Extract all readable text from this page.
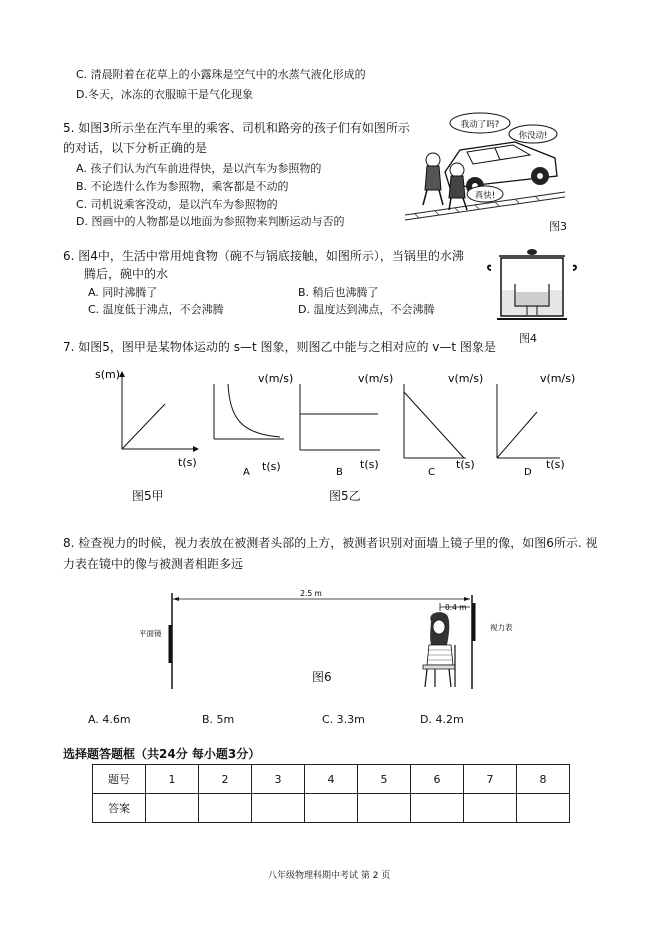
C. 清晨附着在花草上的小露珠是空气中的水蒸气液化形成的
D.冬天，冰冻的衣服晾干是气化现象
5. 如图3所示坐在汽车里的乘客、司机和路旁的孩子们有如图所示
的对话，以下分析正确的是
A. 孩子们认为汽车前进得快，是以汽车为参照物的
B. 不论选什么作为参照物，乘客都是不动的
C. 司机说乘客没动，是以汽车为参照物的
D. 图画中的人物都是以地面为参照物来判断运动与否的
我动了吗?
你没动!
真快!
图3
6. 图4中，生活中常用炖食物（碗不与锅底接触，如图所示），当锅里的水沸
腾后，碗中的水
A. 同时沸腾了	B. 稍后也沸腾了
C. 温度低于沸点，不会沸腾	D. 温度达到沸点，不会沸腾
图4
7. 如图5，图甲是某物体运动的 s—t 图象，则图乙中能与之相对应的 v—t 图象是
s(m)
t(s)
v(m/s)
t(s)
A
v(m/s)
t(s)
B
v(m/s)
t(s)
C
v(m/s)
t(s)
D
图5甲	图5乙
8. 检查视力的时候，视力表放在被测者头部的上方，被测者识别对面墙上镜子里的像，如图6所示. 视
力表在镜中的像与被测者相距多远
平面镜
2.5 m
0.4 m
视力表
图6
A. 4.6m	B. 5m	C. 3.3m	D. 4.2m
选择题答题框（共24分 每小题3分）
题号	1	2	3	4	5	6	7	8
答案								
八年级物理科期中考试 第 2 页
